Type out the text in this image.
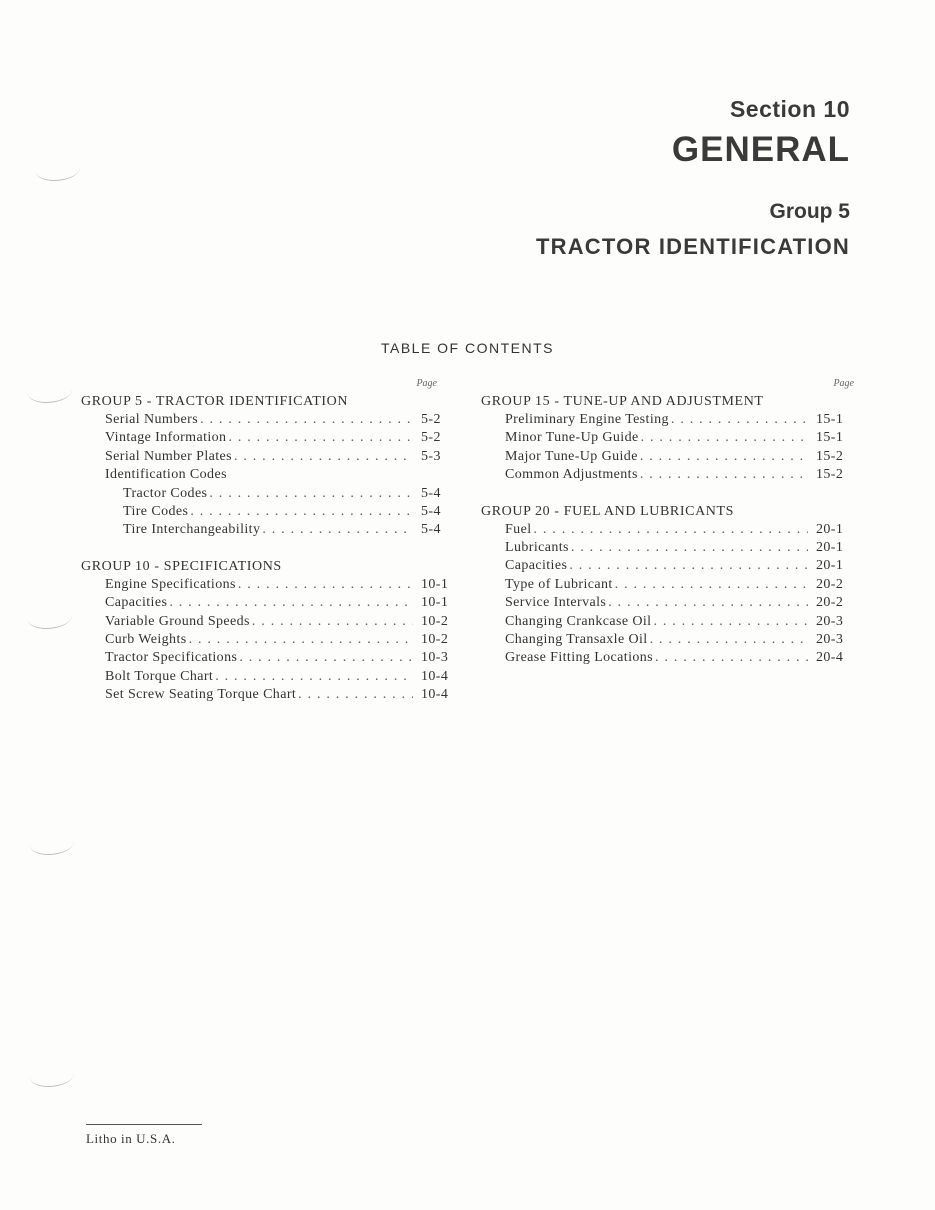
Section 10
GENERAL
Group 5
TRACTOR IDENTIFICATION
TABLE OF CONTENTS
Page
GROUP 5 - TRACTOR IDENTIFICATION
Serial Numbers . . .	5-2
Vintage Information . . .	5-2
Serial Number Plates . . .	5-3
Identification Codes
Tractor Codes . . .	5-4
Tire Codes . . .	5-4
Tire Interchangeability . . .	5-4
GROUP 10 - SPECIFICATIONS
Engine Specifications . . .	10-1
Capacities . . .	10-1
Variable Ground Speeds . . .	10-2
Curb Weights . . .	10-2
Tractor Specifications . . .	10-3
Bolt Torque Chart . . .	10-4
Set Screw Seating Torque Chart . . .	10-4
Page
GROUP 15 - TUNE-UP AND ADJUSTMENT
Preliminary Engine Testing . . .	15-1
Minor Tune-Up Guide . . .	15-1
Major Tune-Up Guide . . .	15-2
Common Adjustments . . .	15-2
GROUP 20 - FUEL AND LUBRICANTS
Fuel . . .	20-1
Lubricants . . .	20-1
Capacities . . .	20-1
Type of Lubricant . . .	20-2
Service Intervals . . .	20-2
Changing Crankcase Oil . . .	20-3
Changing Transaxle Oil . . .	20-3
Grease Fitting Locations . . .	20-4
Litho in U.S.A.
